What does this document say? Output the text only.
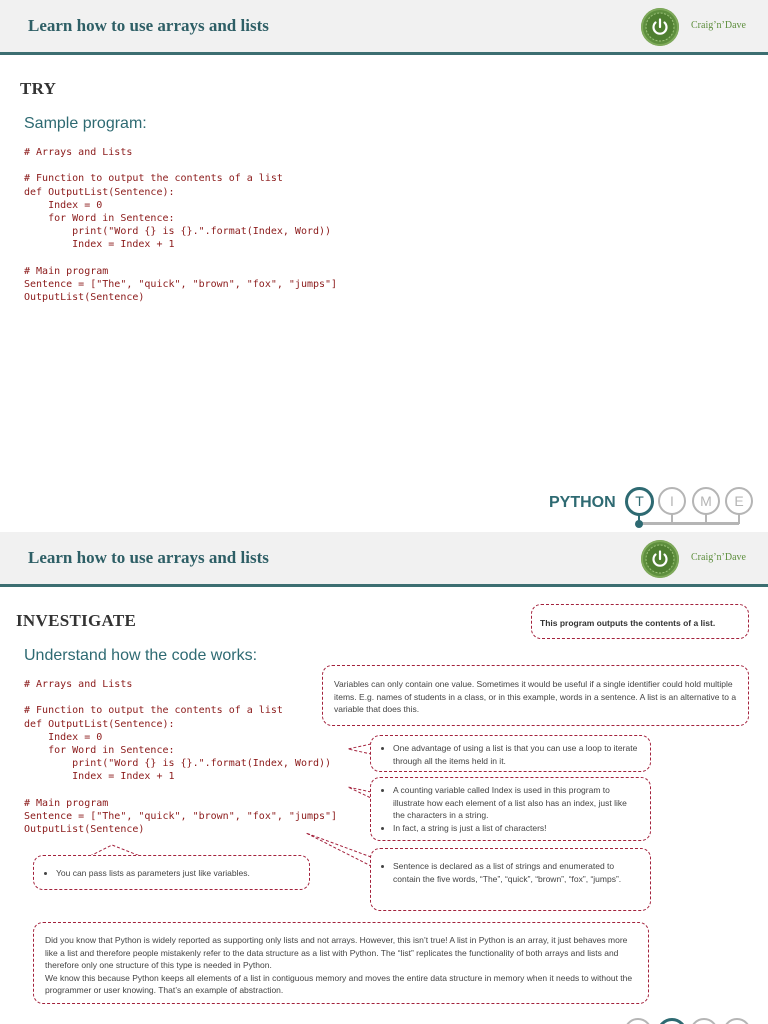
Learn how to use arrays and lists	Craig’n’Dave
TRY
Sample program:
# Arrays and Lists

# Function to output the contents of a list
def OutputList(Sentence):
Index = 0
for Word in Sentence:
print("Word {} is {}.".format(Index, Word))
Index = Index + 1

# Main program
Sentence = ["The", "quick", "brown", "fox", "jumps"]
OutputList(Sentence)
PYTHON	T	I	M	E
Learn how to use arrays and lists	Craig’n’Dave
INVESTIGATE
Understand how the code works:
# Arrays and Lists

# Function to output the contents of a list
def OutputList(Sentence):
Index = 0
for Word in Sentence:
print("Word {} is {}.".format(Index, Word))
Index = Index + 1

# Main program
Sentence = ["The", "quick", "brown", "fox", "jumps"]
OutputList(Sentence)

This program outputs the contents of a list.

Variables can only contain one value. Sometimes it would be useful if a single identifier could hold multiple items. E.g. names of students in a class, or in this example, words in a sentence. A list is an alternative to a variable that does this.

• One advantage of using a list is that you can use a loop to iterate through all the items held in it.
• A counting variable called Index is used in this program to illustrate how each element of a list also has an index, just like the characters in a string.
• In fact, a string is just a list of characters!
• Sentence is declared as a list of strings and enumerated to contain the five words, “The”, “quick”, “brown”, “fox”, “jumps”.
• You can pass lists as parameters just like variables.

Did you know that Python is widely reported as supporting only lists and not arrays. However, this isn’t true! A list in Python is an array, it just behaves more like a list and therefore people mistakenly refer to the data structure as a list with Python. The “list” replicates the functionality of both arrays and lists and therefore only one structure of this type is needed in Python.

We know this because Python keeps all elements of a list in contiguous memory and moves the entire data structure in memory when it needs to without the programmer or user knowing. That’s an example of abstraction.
